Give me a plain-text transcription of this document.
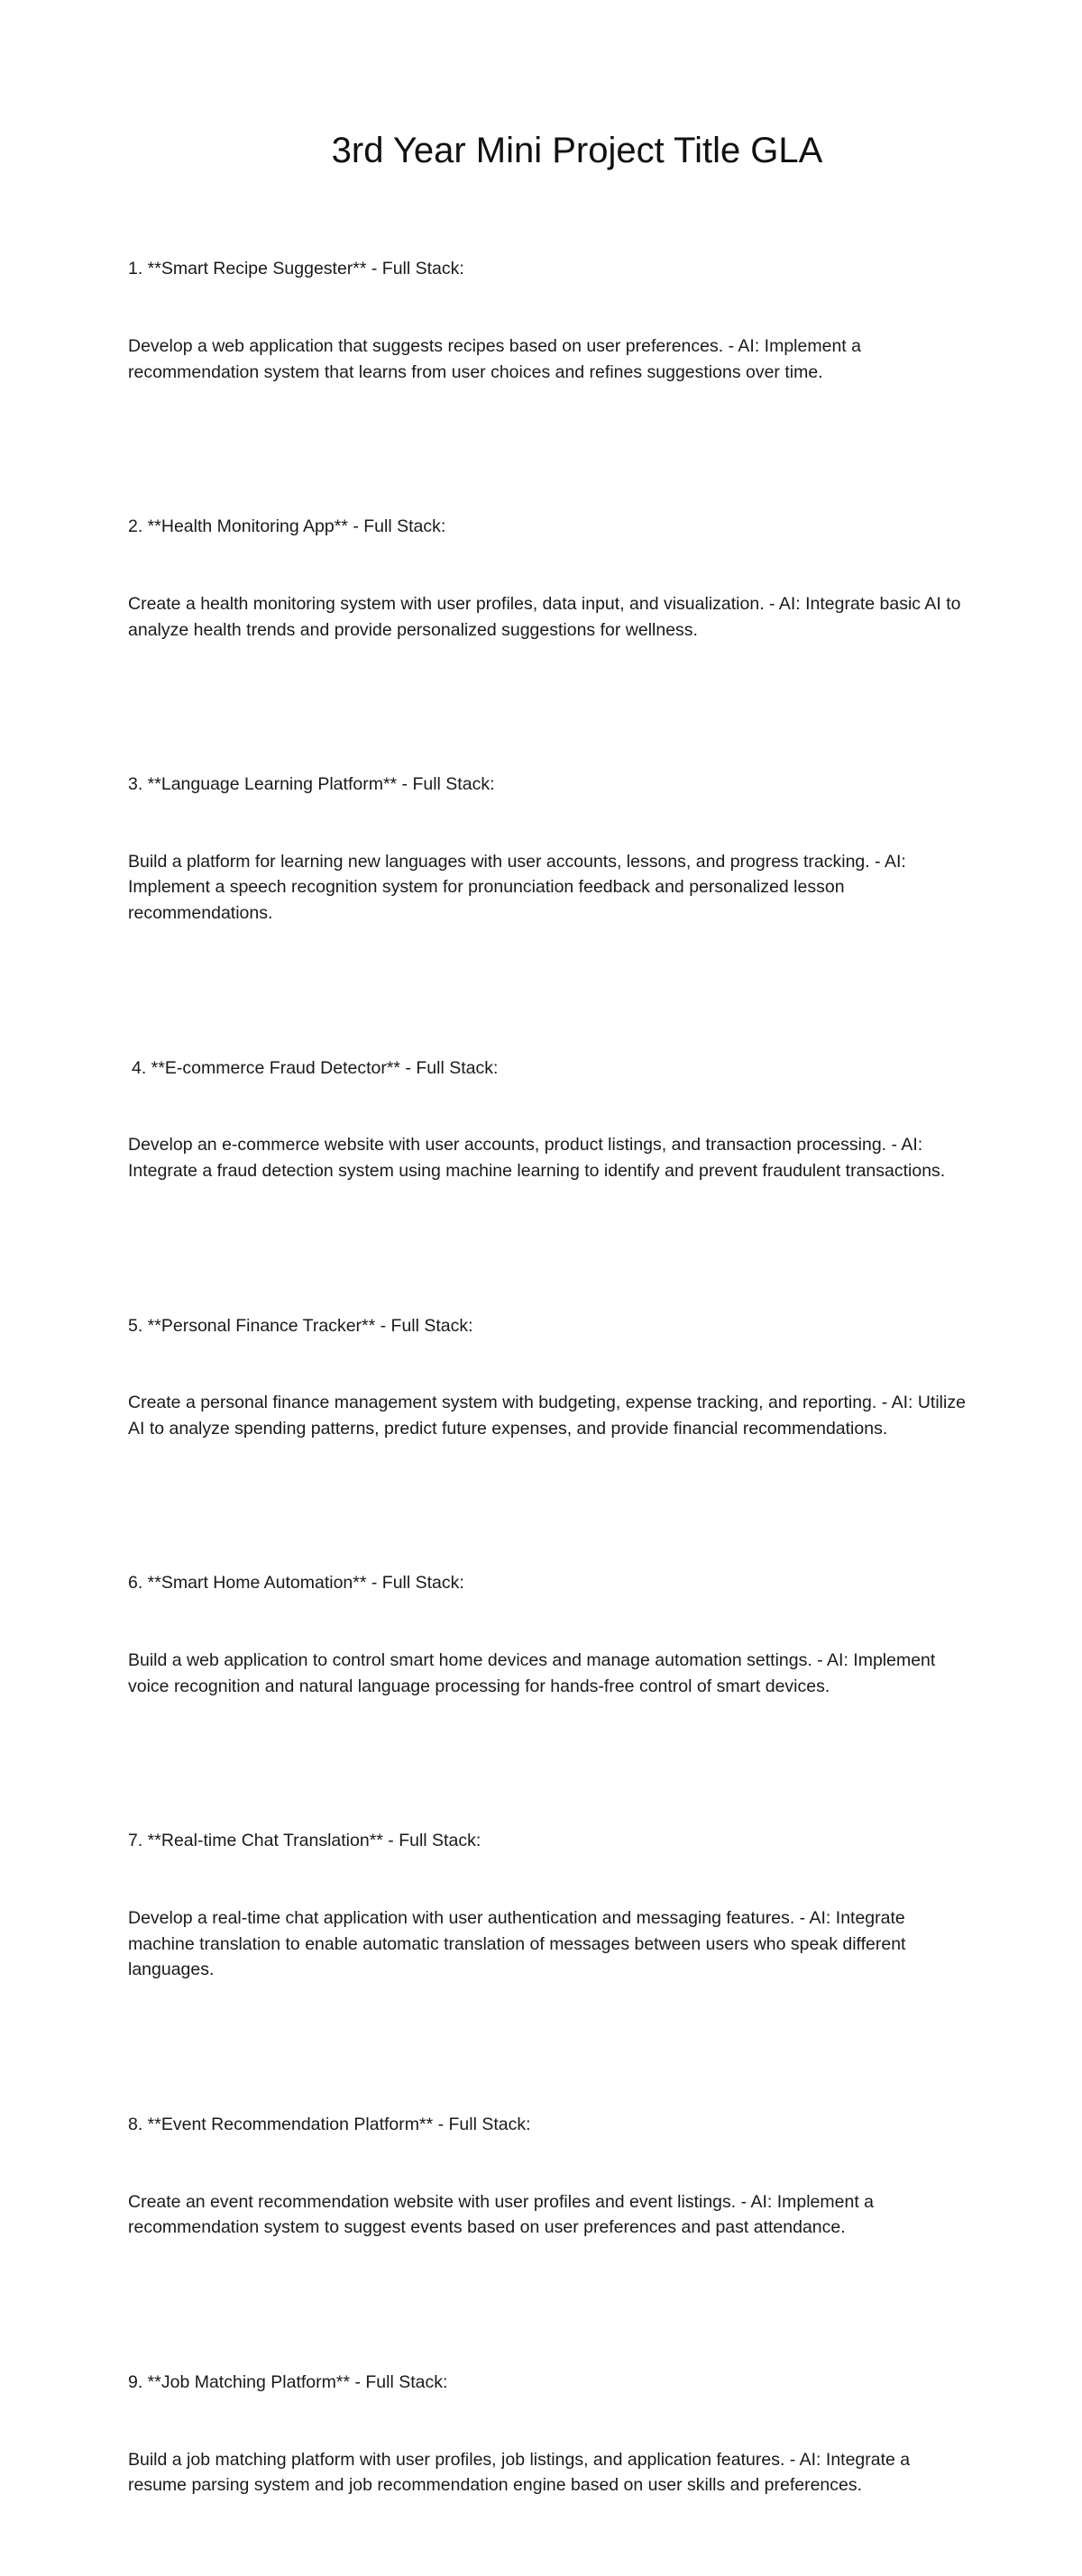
3rd Year Mini Project Title GLA

1. **Smart Recipe Suggester** - Full Stack:

Develop a web application that suggests recipes based on user preferences. - AI: Implement a recommendation system that learns from user choices and refines suggestions over time.

2. **Health Monitoring App** - Full Stack:

Create a health monitoring system with user profiles, data input, and visualization. - AI: Integrate basic AI to analyze health trends and provide personalized suggestions for wellness.

3. **Language Learning Platform** - Full Stack:

Build a platform for learning new languages with user accounts, lessons, and progress tracking. - AI: Implement a speech recognition system for pronunciation feedback and personalized lesson recommendations.

4. **E-commerce Fraud Detector** - Full Stack:

Develop an e-commerce website with user accounts, product listings, and transaction processing. - AI: Integrate a fraud detection system using machine learning to identify and prevent fraudulent transactions.

5. **Personal Finance Tracker** - Full Stack:

Create a personal finance management system with budgeting, expense tracking, and reporting. - AI: Utilize AI to analyze spending patterns, predict future expenses, and provide financial recommendations.

6. **Smart Home Automation** - Full Stack:

Build a web application to control smart home devices and manage automation settings. - AI: Implement voice recognition and natural language processing for hands-free control of smart devices.

7. **Real-time Chat Translation** - Full Stack:

Develop a real-time chat application with user authentication and messaging features. - AI: Integrate machine translation to enable automatic translation of messages between users who speak different languages.

8. **Event Recommendation Platform** - Full Stack:

Create an event recommendation website with user profiles and event listings. - AI: Implement a recommendation system to suggest events based on user preferences and past attendance.

9. **Job Matching Platform** - Full Stack:

Build a job matching platform with user profiles, job listings, and application features. - AI: Integrate a resume parsing system and job recommendation engine based on user skills and preferences.
